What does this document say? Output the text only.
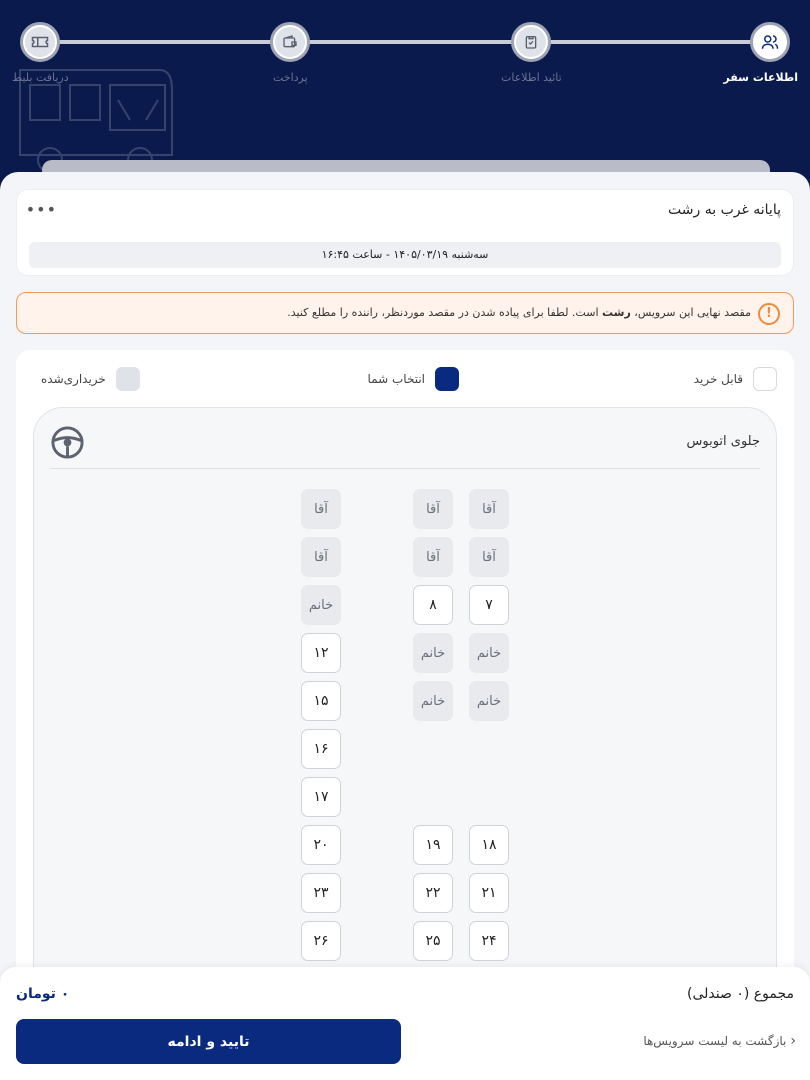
اطلاعات سفر
تائید اطلاعات
پرداخت
دریافت بلیط
پایانه غرب به رشت
•••
سه‌شنبه ۱۴۰۵/۰۳/۱۹ - ساعت ۱۶:۴۵
!
مقصد نهایی این سرویس، رشت است. لطفا برای پیاده شدن در مقصد موردنظر، راننده را مطلع کنید.
قابل خرید
انتخاب شما
خریداری‌شده
جلوی اتوبوس
آقا
آقا
آقا
آقا
آقا
آقا
۷
۸
خانم
خانم
خانم
۱۲
خانم
خانم
۱۵
۱۶
۱۷
۱۸
۱۹
۲۰
۲۱
۲۲
۲۳
۲۴
۲۵
۲۶
مجموع (۰ صندلی)
۰ تومان
تایید و ادامه	‹
بازگشت به لیست سرویس‌ها
